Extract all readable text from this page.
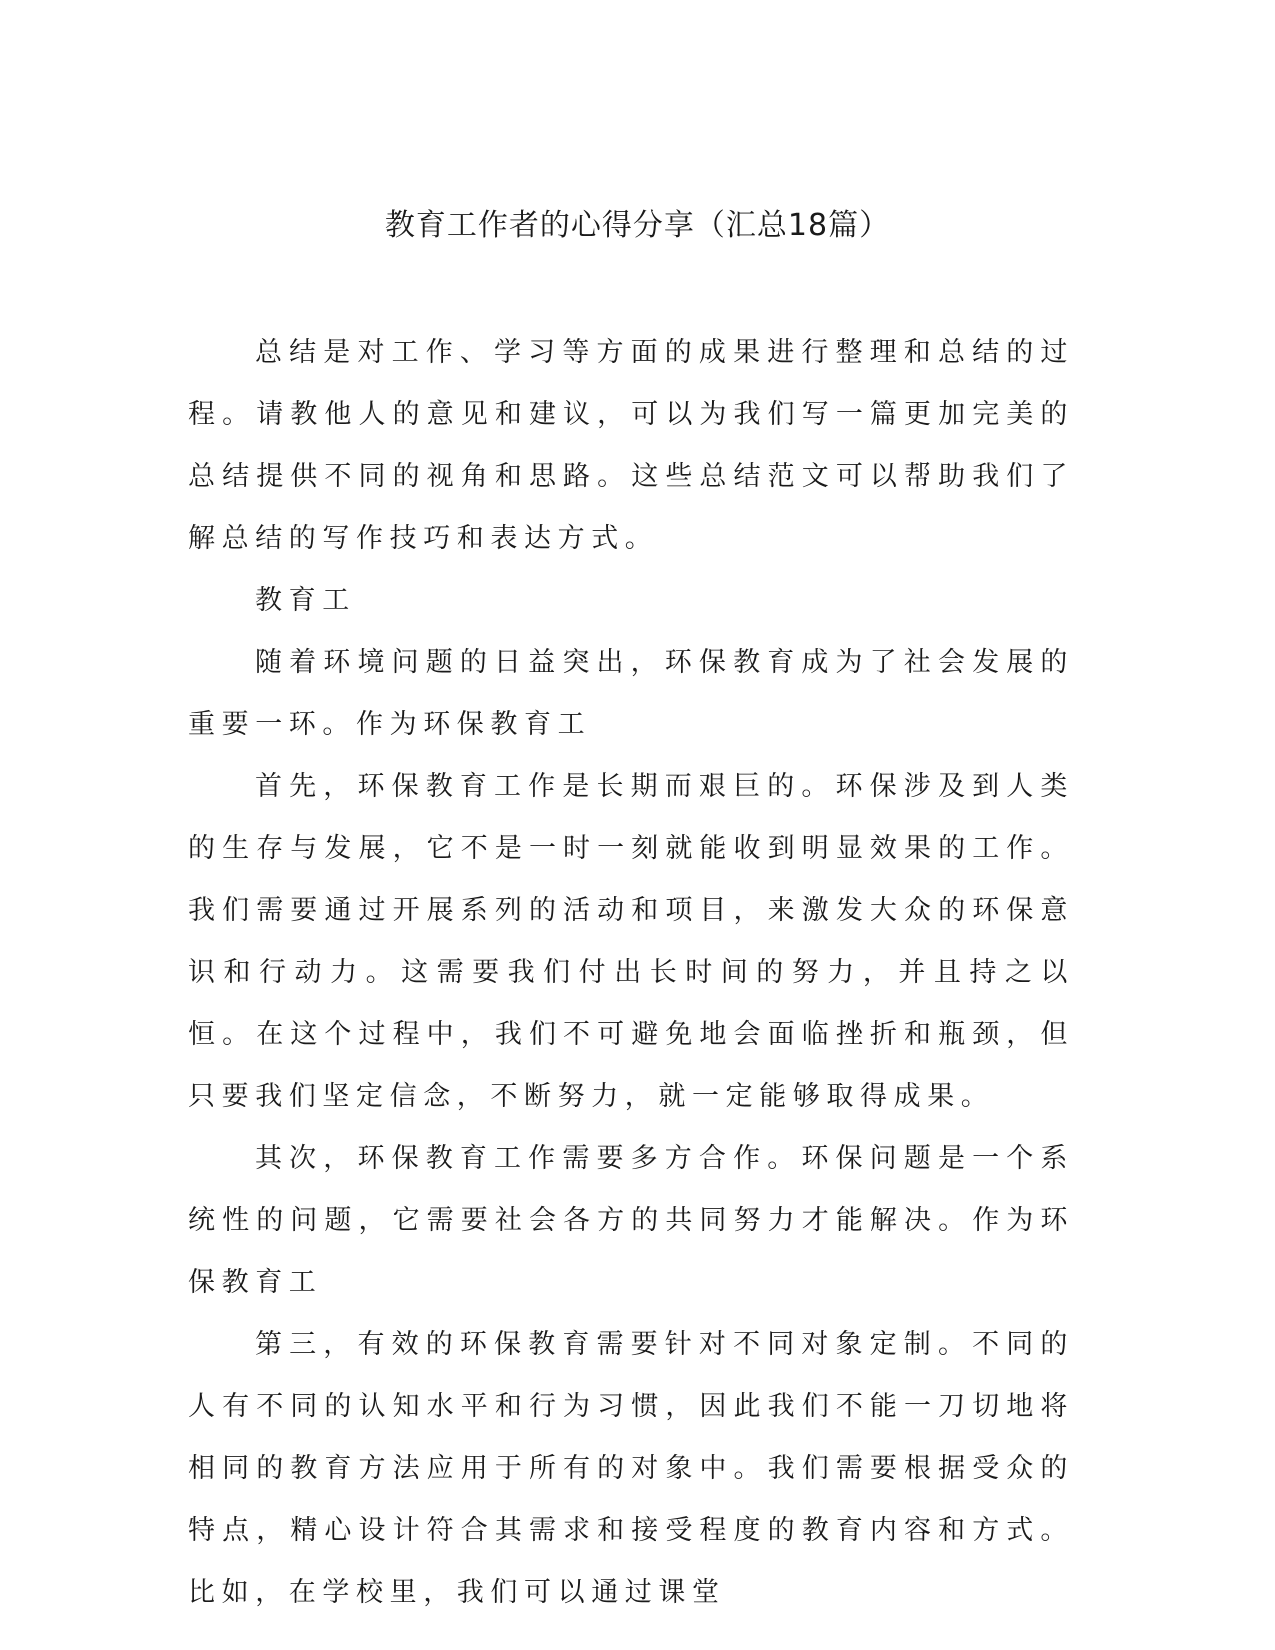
教育工作者的心得分享（汇总18篇）

总结是对工作、学习等方面的成果进行整理和总结的过程。请教他人的意见和建议，可以为我们写一篇更加完美的总结提供不同的视角和思路。这些总结范文可以帮助我们了解总结的写作技巧和表达方式。

教育工

随着环境问题的日益突出，环保教育成为了社会发展的重要一环。作为环保教育工

首先，环保教育工作是长期而艰巨的。环保涉及到人类的生存与发展，它不是一时一刻就能收到明显效果的工作。我们需要通过开展系列的活动和项目，来激发大众的环保意识和行动力。这需要我们付出长时间的努力，并且持之以恒。在这个过程中，我们不可避免地会面临挫折和瓶颈，但只要我们坚定信念，不断努力，就一定能够取得成果。

其次，环保教育工作需要多方合作。环保问题是一个系统性的问题，它需要社会各方的共同努力才能解决。作为环保教育工

第三，有效的环保教育需要针对不同对象定制。不同的人有不同的认知水平和行为习惯，因此我们不能一刀切地将相同的教育方法应用于所有的对象中。我们需要根据受众的特点，精心设计符合其需求和接受程度的教育内容和方式。比如，在学校里，我们可以通过课堂
